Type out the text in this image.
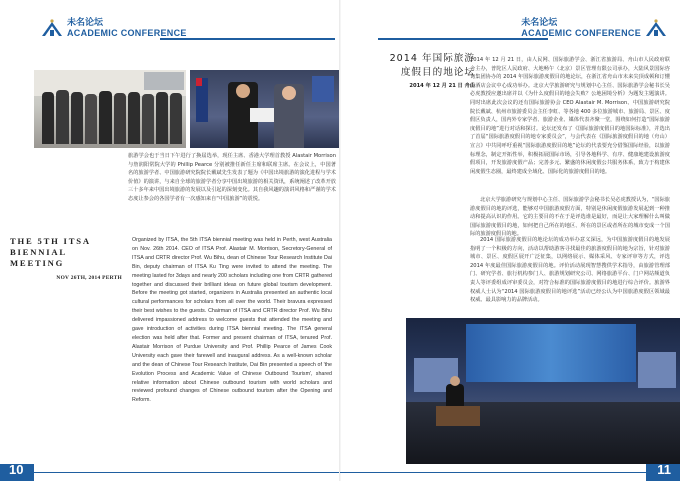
未名论坛
ACADEMIC CONFERENCE
旅游学会也于当日下午进行了换届选举，现任主席、香港大学理首教授 Alastair Morrison 与詹润阳常院大学的 Phillip Pearce 分别被推任新任主席和联席主席。在会议上，中国著名的旅游学者、中国旅游研究院院长戴斌先生发表了题为《中国出境旅游的演化进程与学术价值》的演讲，与来自全球的旅游学者分享中国出境旅游的相关资讯，系统阐述了改革开放三十多年来中国出境旅游的发展以及引起的深刻变化。其自我风趣的演讲风格和严谨的学术态度让参会的各国学者有一次感知来自“中国旅游”的震悦。
THE 5TH ITSA
BIENNIAL MEETING
NOV 26TH, 2014 PERTH
Organized by ITSA, the 5th ITSA biennial meeting was held in Perth, west Australia on Nov. 26th 2014. CEO of ITSA Prof. Alastair M. Morrison, Secretory-General of ITSA and CRTR director Prof. Wu Bihu, dean of Chinese Tour Research Institute Dai Bin, deputy chairman of ITSA Ku Ting were invited to attend the meeting. The meeting lasted for 3days and nearly 200 scholars including one from CRTR gathered together and discussed their brilliant ideas on future global tourism development. Before the meeting got started, organizers in Australia presented an authentic local cultural performances for scholars from all over the world. Their bravura expressed their best wishes to the guests. Chairman of ITSA and CRTR director Prof. Wu Bihu delivered impassioned address to welcome guests that attended the meeting and gave introduction of activities during ITSA biennial meeting. The ITSA general election was held after that. Former and present chairman of ITSA, tenured Prof. Alastair Morrison of Purdue University and Prof. Phillip Pearce of James Cook University each gave their farewell and inaugural address. As a well-known scholar and the dean of Chinese Tour Research Institute, Dai Bin presented a speech of 'the Evolution Process and Academic Value of Chinese Outbound Tourism', shared relative information about Chinese outbound tourism with world scholars and reviewed profound changes of Chinese outbound tourism after the Opening and Reform.
10
未名论坛
ACADEMIC CONFERENCE
2014 年国际旅游
度假目的地论坛
2014 年 12 月 21 日 舟山
2014 年 12 月 21 日，由人民网、国际旅游学会、浙江省旅游局、舟山市人民政府联合主办，普陀区人民政府、大地畅午（北京）景区管理有限公司承办，大陆风景国际咨询集团协办的 2014 年国际旅游度假目的地论坛，在浙江省舟山市未来尖顶成顿和订懂侨酒店会议中心成功举办。北京大学旅游研究与规划中心主任、国际旅游学会秘书长吴必虎教授应邀出席并以《为什么度假目的地会失败？公地困境分析》为题发主题演讲。同时出席此次会议的还有国际旅游协会 CEO Alastair M. Morrison、中国旅游研究院院长戴斌、杭州市旅游委员会主任李虹、等各地 400 多位旅游城市、旅游局、景区、度假区负责人，国内外专家学者、旅游企业、媒体代表齐聚一堂，围绕如何打造“国际旅游度假目的地”进行对话和探讨。论坛还发布了《国际旅游度假目的地国际标准》，并选出了首届“国际旅游度假目的地专家委员会”，与会代表在《国际旅游度假目的地（舟山）宣言》中共同呼吁重视“国际旅游度假目的地”论坛的代表要充分借鉴国际经验，以旅游标理念，制定开拓性举，积极拓展国际市场，引导各地科学、有序、健康地建设旅游度假项目，开发旅游度假产品；完善多元、繁盛的休闲度假公共服务体系，致力于构建休闲度假生态圈，最终建成全域化、国际化的旅游度假目的地。
北京大学旅游研究与规划中心主任、国际旅游学会秘书长吴必虎教授认为，“国际旅游度假目的地的评选，能够对中国旅游度假方面，特别是休闲度假旅游发展起到一种推动和提高认识的作用。它的主要目的不在于是评选谁是最好，而是让大家理解什么叫做国际旅游度假目的地，如何把自己所在的地区、所在的景区或者所在的城市变成一个国际的旅游度假目的地。
2014 国际旅游度假目的地论坛的成功举办意义深远，为中国旅游度假目的地发展指明了一个积极的方向，活动以帮助游客寻找最佳的旅游度假目的地为宗旨，针对旅游城市、景区、度假区展开广泛征集，以网络展示、媒体采风、专家评审等方式，评选 2014 年度最佳国际旅游度假目的地。评价活动展现智慧搜供学术指导，由旅游管理部门、研究学者、旅行机构参门人、旅游规划研究公司、网络旅游平台、门户网站频道负责人等评委组成评审委员会，对符合标准的国际旅游度假目的地进行综合评价。旅游界权威人士认为“2014 国际旅游度假目的地评选”活动已经公认为中国旅游度假区领域最权威、最具影响力的品牌活动。
11
